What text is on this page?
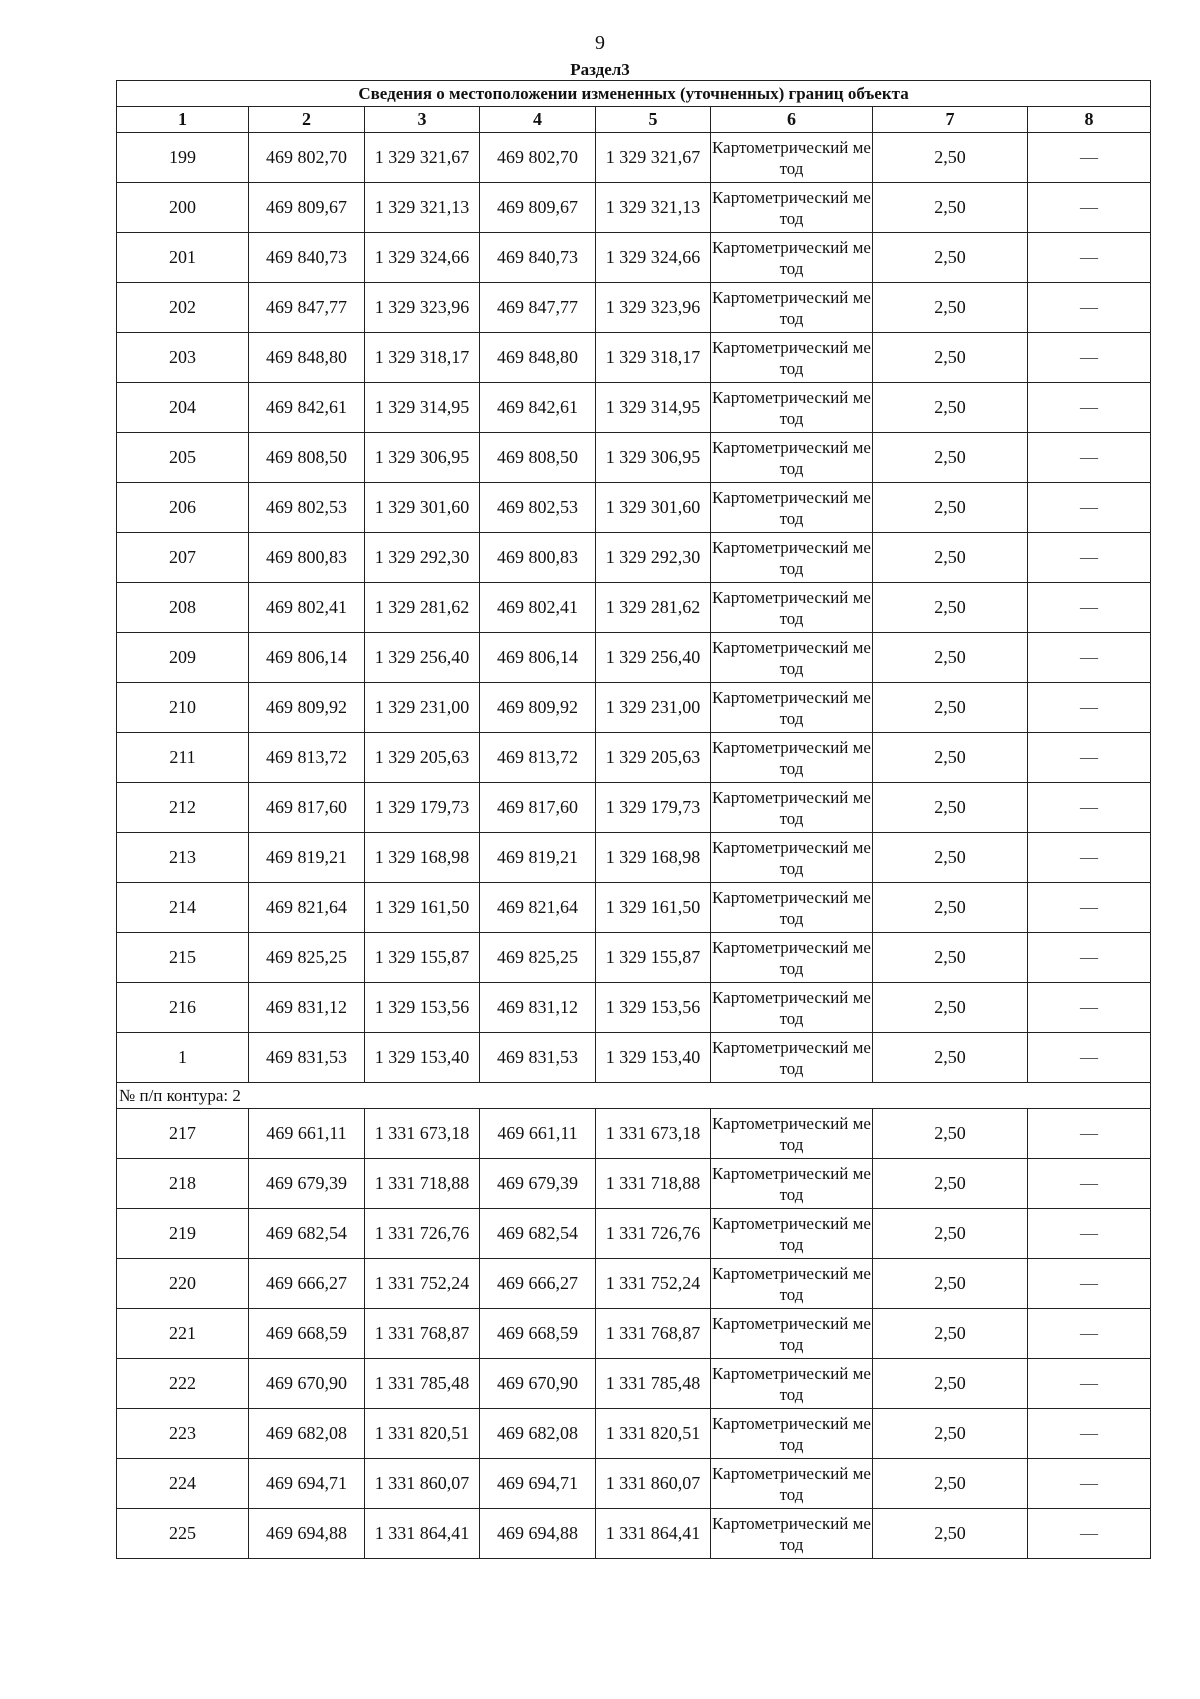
9
Раздел3
Сведения о местоположении измененных (уточненных) границ объекта							
1	2	3	4	5	6	7	8
199	469 802,70	1 329 321,67	469 802,70	1 329 321,67	Картометрический метод	2,50	—
200	469 809,67	1 329 321,13	469 809,67	1 329 321,13	Картометрический метод	2,50	—
201	469 840,73	1 329 324,66	469 840,73	1 329 324,66	Картометрический метод	2,50	—
202	469 847,77	1 329 323,96	469 847,77	1 329 323,96	Картометрический метод	2,50	—
203	469 848,80	1 329 318,17	469 848,80	1 329 318,17	Картометрический метод	2,50	—
204	469 842,61	1 329 314,95	469 842,61	1 329 314,95	Картометрический метод	2,50	—
205	469 808,50	1 329 306,95	469 808,50	1 329 306,95	Картометрический метод	2,50	—
206	469 802,53	1 329 301,60	469 802,53	1 329 301,60	Картометрический метод	2,50	—
207	469 800,83	1 329 292,30	469 800,83	1 329 292,30	Картометрический метод	2,50	—
208	469 802,41	1 329 281,62	469 802,41	1 329 281,62	Картометрический метод	2,50	—
209	469 806,14	1 329 256,40	469 806,14	1 329 256,40	Картометрический метод	2,50	—
210	469 809,92	1 329 231,00	469 809,92	1 329 231,00	Картометрический метод	2,50	—
211	469 813,72	1 329 205,63	469 813,72	1 329 205,63	Картометрический метод	2,50	—
212	469 817,60	1 329 179,73	469 817,60	1 329 179,73	Картометрический метод	2,50	—
213	469 819,21	1 329 168,98	469 819,21	1 329 168,98	Картометрический метод	2,50	—
214	469 821,64	1 329 161,50	469 821,64	1 329 161,50	Картометрический метод	2,50	—
215	469 825,25	1 329 155,87	469 825,25	1 329 155,87	Картометрический метод	2,50	—
216	469 831,12	1 329 153,56	469 831,12	1 329 153,56	Картометрический метод	2,50	—
1	469 831,53	1 329 153,40	469 831,53	1 329 153,40	Картометрический метод	2,50	—
№ п/п контура: 2							
217	469 661,11	1 331 673,18	469 661,11	1 331 673,18	Картометрический метод	2,50	—
218	469 679,39	1 331 718,88	469 679,39	1 331 718,88	Картометрический метод	2,50	—
219	469 682,54	1 331 726,76	469 682,54	1 331 726,76	Картометрический метод	2,50	—
220	469 666,27	1 331 752,24	469 666,27	1 331 752,24	Картометрический метод	2,50	—
221	469 668,59	1 331 768,87	469 668,59	1 331 768,87	Картометрический метод	2,50	—
222	469 670,90	1 331 785,48	469 670,90	1 331 785,48	Картометрический метод	2,50	—
223	469 682,08	1 331 820,51	469 682,08	1 331 820,51	Картометрический метод	2,50	—
224	469 694,71	1 331 860,07	469 694,71	1 331 860,07	Картометрический метод	2,50	—
225	469 694,88	1 331 864,41	469 694,88	1 331 864,41	Картометрический метод	2,50	—
